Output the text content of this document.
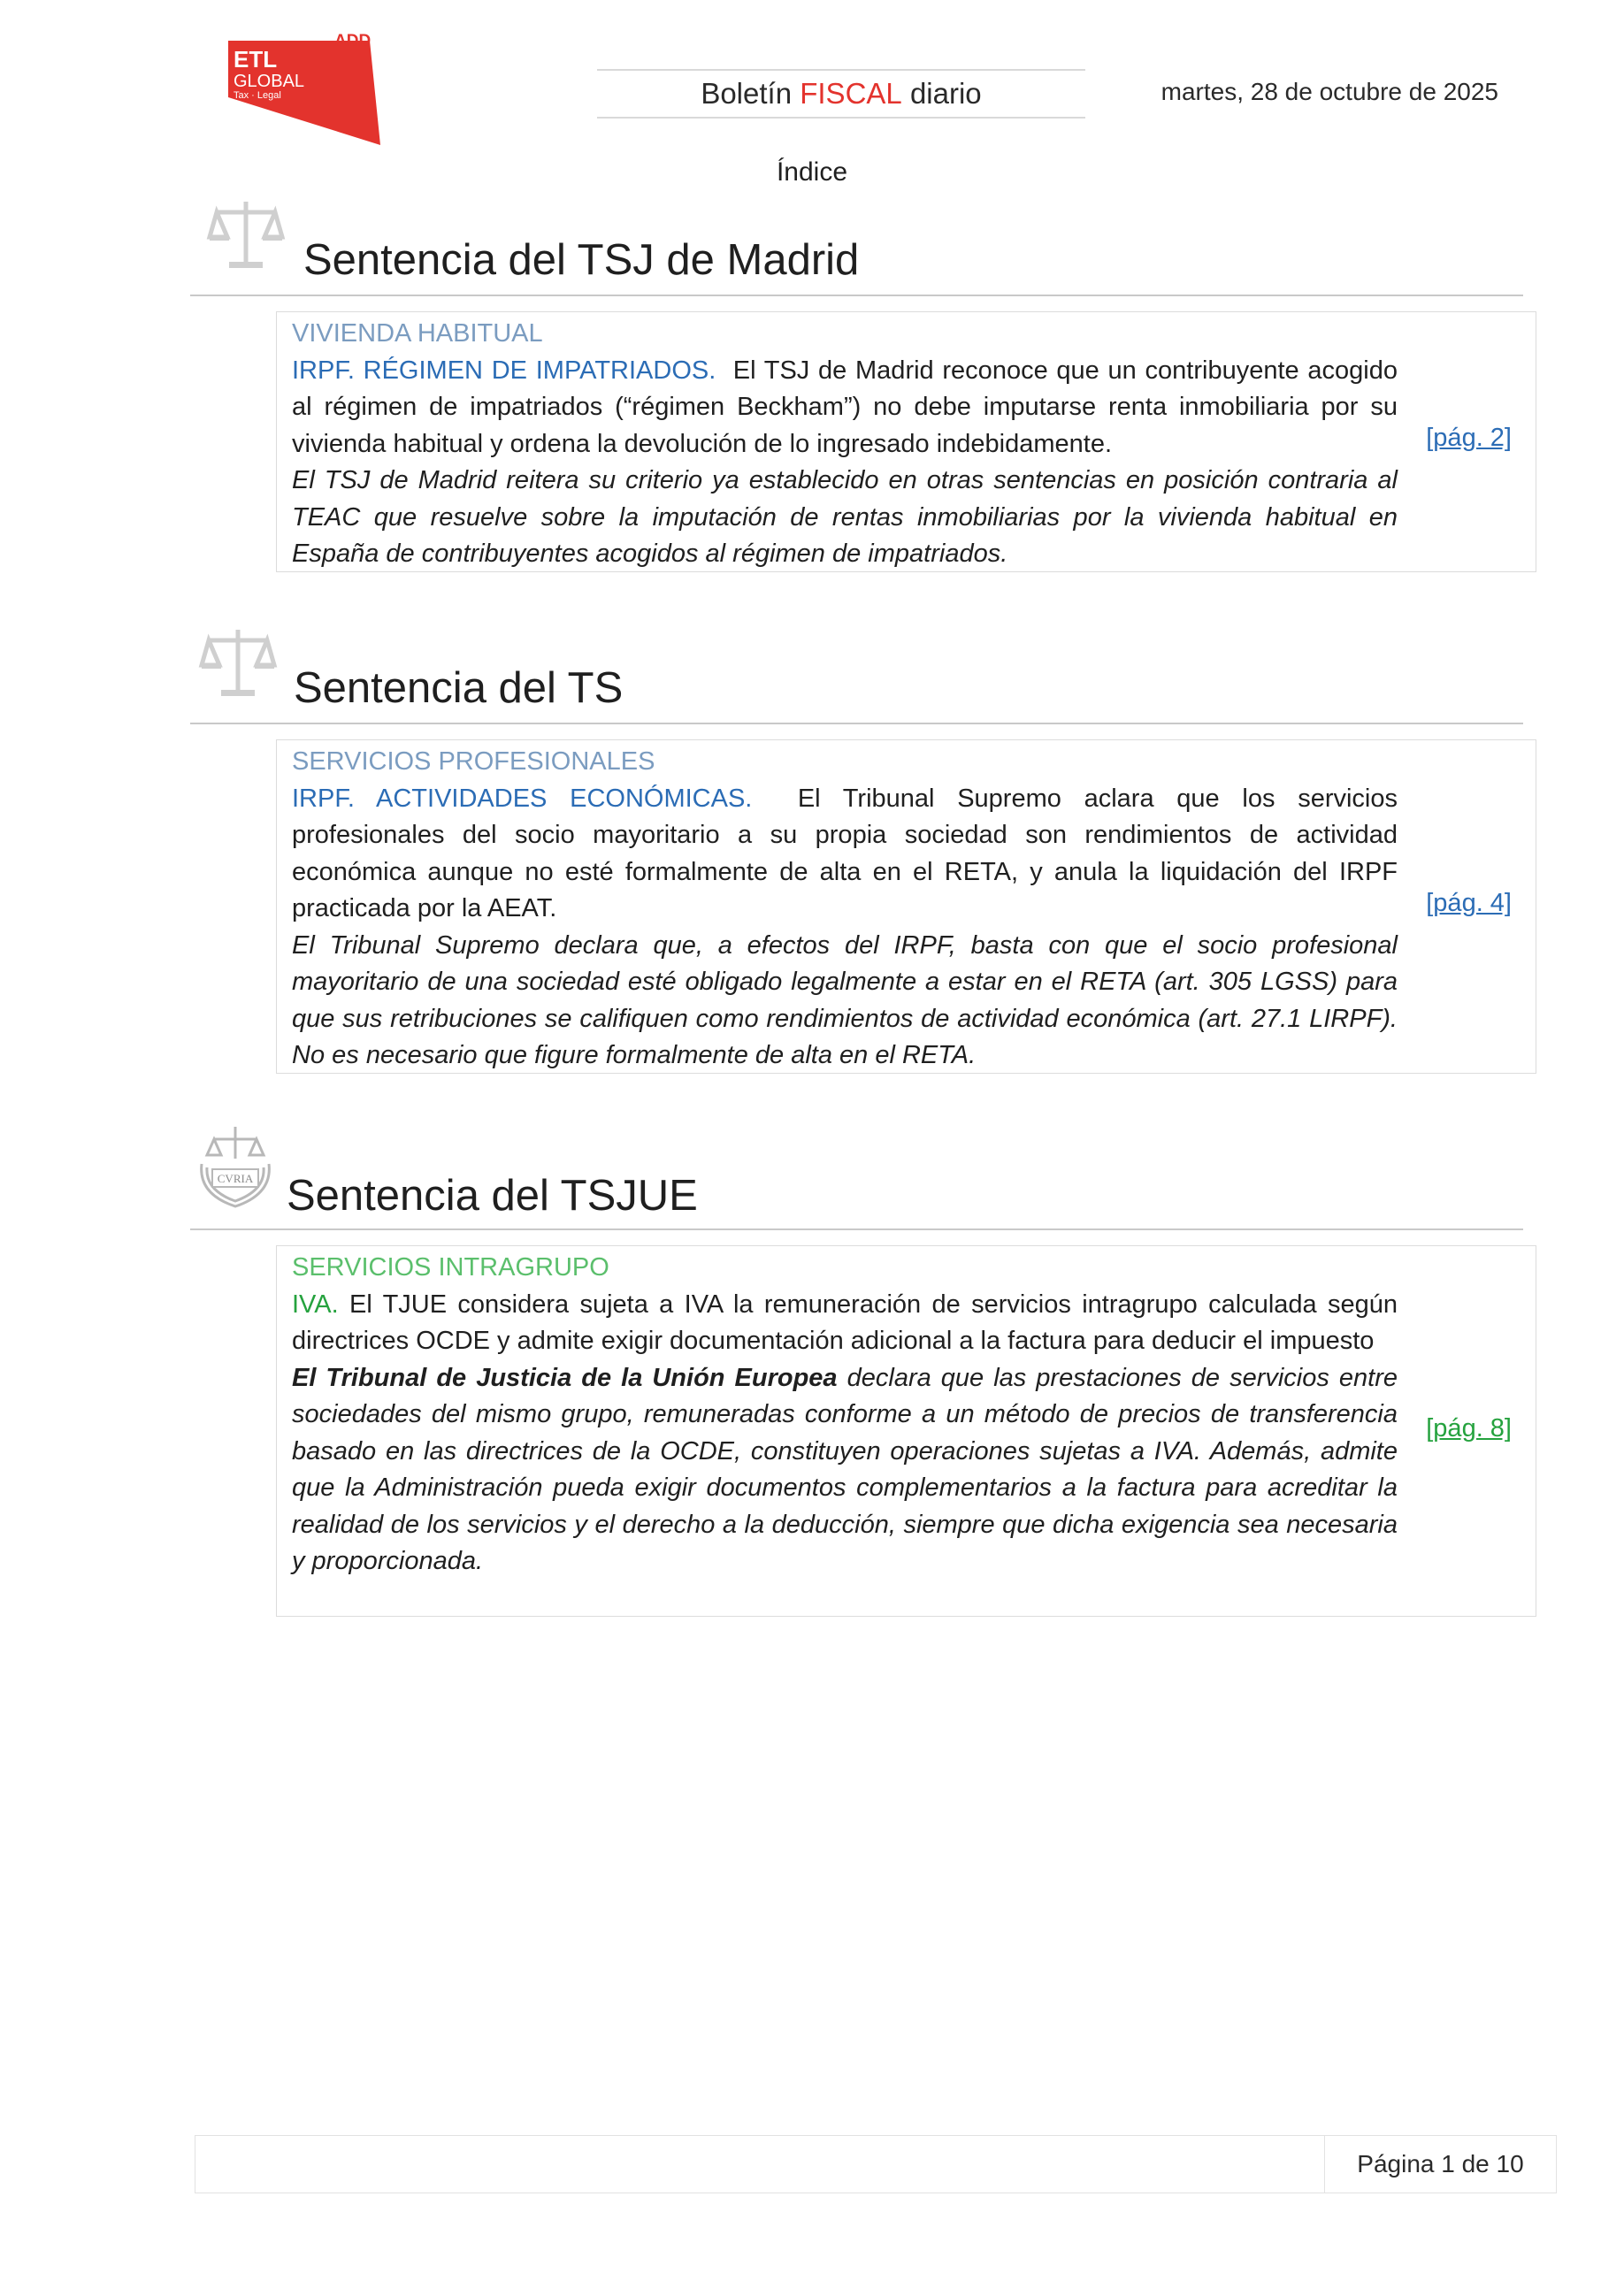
ADD
ETL
GLOBAL
Tax · Legal	Boletín
FISCAL
diario	martes, 28 de octubre de 2025
Índice
Sentencia del TSJ de Madrid
VIVIENDA HABITUAL
IRPF. RÉGIMEN DE IMPATRIADOS. El TSJ de Madrid reconoce que un contribuyente acogido al régimen de impatriados (“régimen Beckham”) no debe imputarse renta inmobiliaria por su vivienda habitual y ordena la devolución de lo ingresado indebidamente.
El TSJ de Madrid reitera su criterio ya establecido en otras sentencias en posición contraria al TEAC que resuelve sobre la imputación de rentas inmobiliarias por la vivienda habitual en España de contribuyentes acogidos al régimen de impatriados.
[pág. 2]
Sentencia del TS
SERVICIOS PROFESIONALES
IRPF. ACTIVIDADES ECONÓMICAS. El Tribunal Supremo aclara que los servicios profesionales del socio mayoritario a su propia sociedad son rendimientos de actividad económica aunque no esté formalmente de alta en el RETA, y anula la liquidación del IRPF practicada por la AEAT.
El Tribunal Supremo declara que, a efectos del IRPF, basta con que el socio profesional mayoritario de una sociedad esté obligado legalmente a estar en el RETA (art. 305 LGSS) para que sus retribuciones se califiquen como rendimientos de actividad económica (art. 27.1 LIRPF). No es necesario que figure formalmente de alta en el RETA.
[pág. 4]
CVRIA Sentencia del TSJUE
SERVICIOS INTRAGRUPO
IVA. El TJUE considera sujeta a IVA la remuneración de servicios intragrupo calculada según directrices OCDE y admite exigir documentación adicional a la factura para deducir el impuesto
El Tribunal de Justicia de la Unión Europea declara que las prestaciones de servicios entre sociedades del mismo grupo, remuneradas conforme a un método de precios de transferencia basado en las directrices de la OCDE, constituyen operaciones sujetas a IVA. Además, admite que la Administración pueda exigir documentos complementarios a la factura para acreditar la realidad de los servicios y el derecho a la deducción, siempre que dicha exigencia sea necesaria y proporcionada.
[pág. 8]
Página 1 de 10
